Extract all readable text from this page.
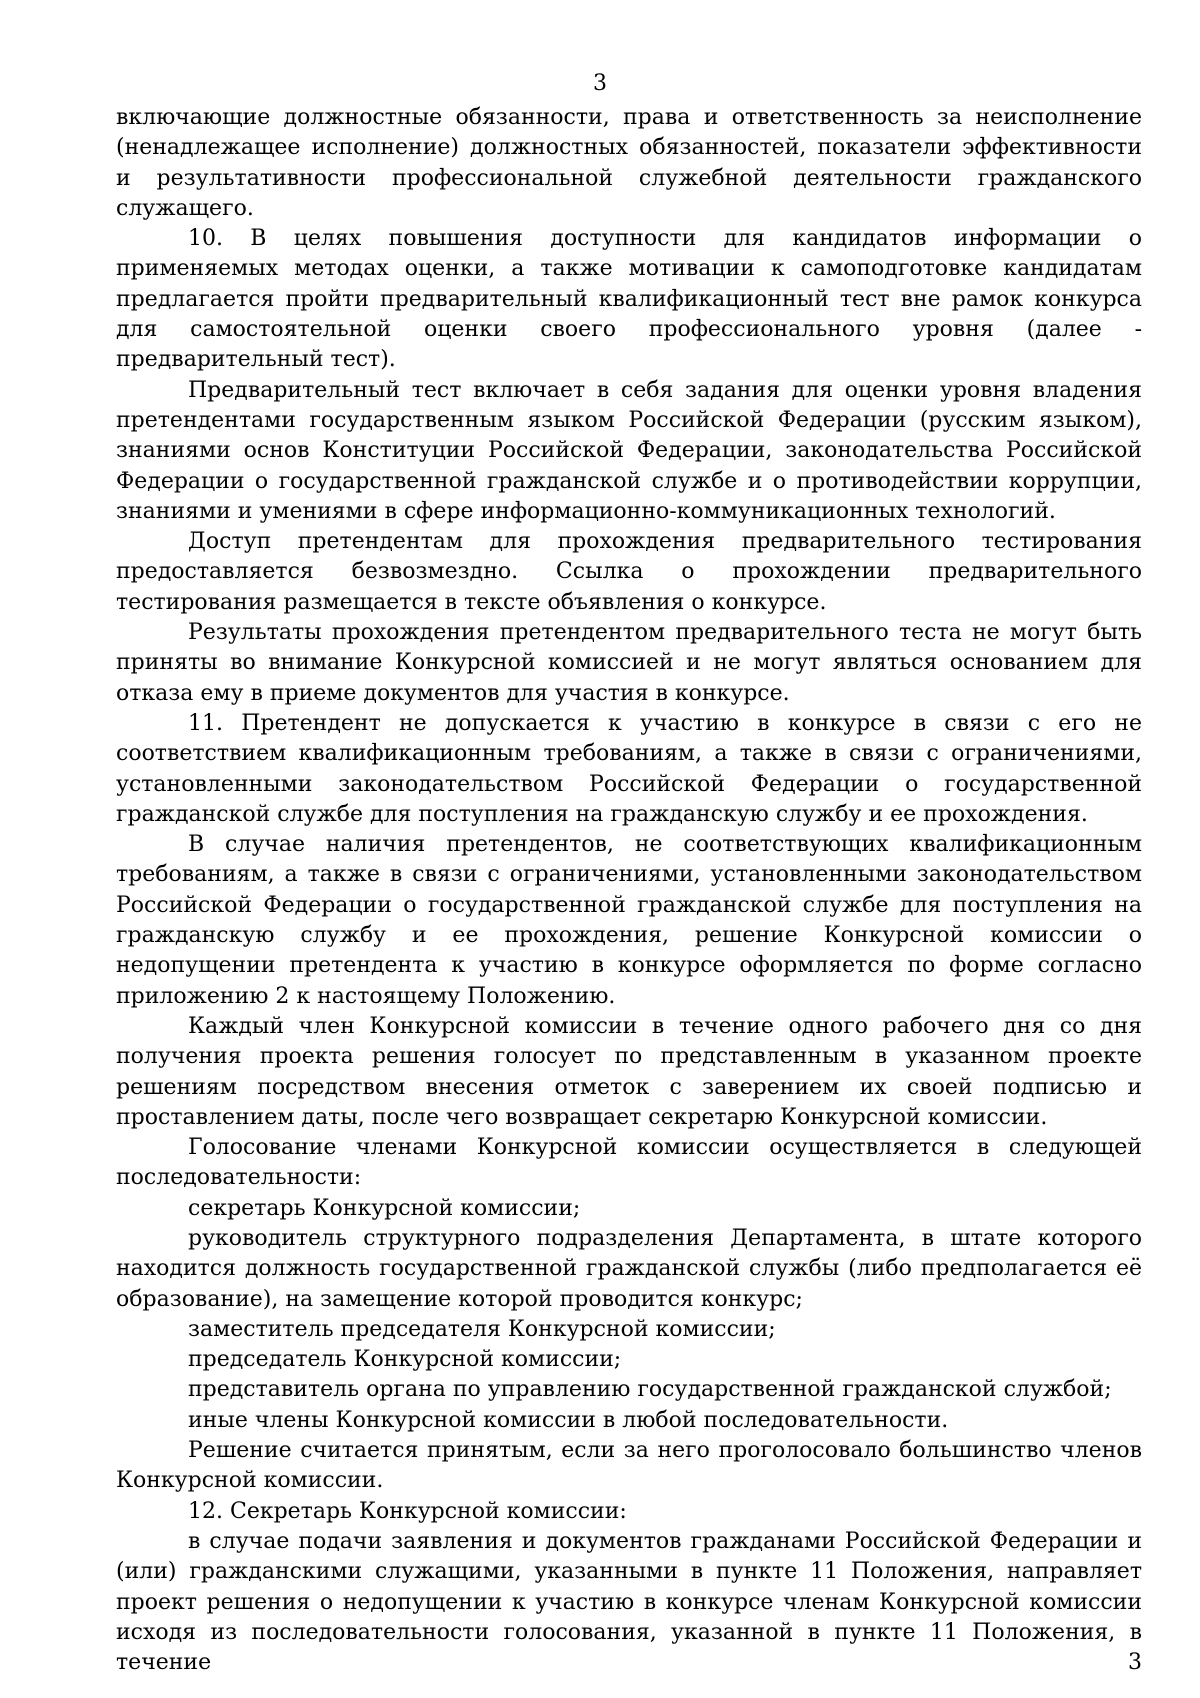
3

включающие должностные обязанности, права и ответственность за неисполнение (ненадлежащее исполнение) должностных обязанностей, показатели эффективности и результативности профессиональной служебной деятельности гражданского служащего.

10. В целях повышения доступности для кандидатов информации о применяемых методах оценки, а также мотивации к самоподготовке кандидатам предлагается пройти предварительный квалификационный тест вне рамок конкурса для самостоятельной оценки своего профессионального уровня (далее - предварительный тест).

Предварительный тест включает в себя задания для оценки уровня владения претендентами государственным языком Российской Федерации (русским языком), знаниями основ Конституции Российской Федерации, законодательства Российской Федерации о государственной гражданской службе и о противодействии коррупции, знаниями и умениями в сфере информационно-коммуникационных технологий.

Доступ претендентам для прохождения предварительного тестирования предоставляется безвозмездно. Ссылка о прохождении предварительного тестирования размещается в тексте объявления о конкурсе.

Результаты прохождения претендентом предварительного теста не могут быть приняты во внимание Конкурсной комиссией и не могут являться основанием для отказа ему в приеме документов для участия в конкурсе.

11. Претендент не допускается к участию в конкурсе в связи с его не соответствием квалификационным требованиям, а также в связи с ограничениями, установленными законодательством Российской Федерации о государственной гражданской службе для поступления на гражданскую службу и ее прохождения.

В случае наличия претендентов, не соответствующих квалификационным требованиям, а также в связи с ограничениями, установленными законодательством Российской Федерации о государственной гражданской службе для поступления на гражданскую службу и ее прохождения, решение Конкурсной комиссии о недопущении претендента к участию в конкурсе оформляется по форме согласно приложению 2 к настоящему Положению.

Каждый член Конкурсной комиссии в течение одного рабочего дня со дня получения проекта решения голосует по представленным в указанном проекте решениям посредством внесения отметок с заверением их своей подписью и проставлением даты, после чего возвращает секретарю Конкурсной комиссии.

Голосование членами Конкурсной комиссии осуществляется в следующей последовательности:

секретарь Конкурсной комиссии;

руководитель структурного подразделения Департамента, в штате которого находится должность государственной гражданской службы (либо предполагается её образование), на замещение которой проводится конкурс;

заместитель председателя Конкурсной комиссии;

председатель Конкурсной комиссии;

представитель органа по управлению государственной гражданской службой;

иные члены Конкурсной комиссии в любой последовательности.

Решение считается принятым, если за него проголосовало большинство членов Конкурсной комиссии.

12. Секретарь Конкурсной комиссии:

в случае подачи заявления и документов гражданами Российской Федерации и (или) гражданскими служащими, указанными в пункте 11 Положения, направляет проект решения о недопущении к участию в конкурсе членам Конкурсной комиссии исходя из последовательности голосования, указанной в пункте 11 Положения, в течение 3
